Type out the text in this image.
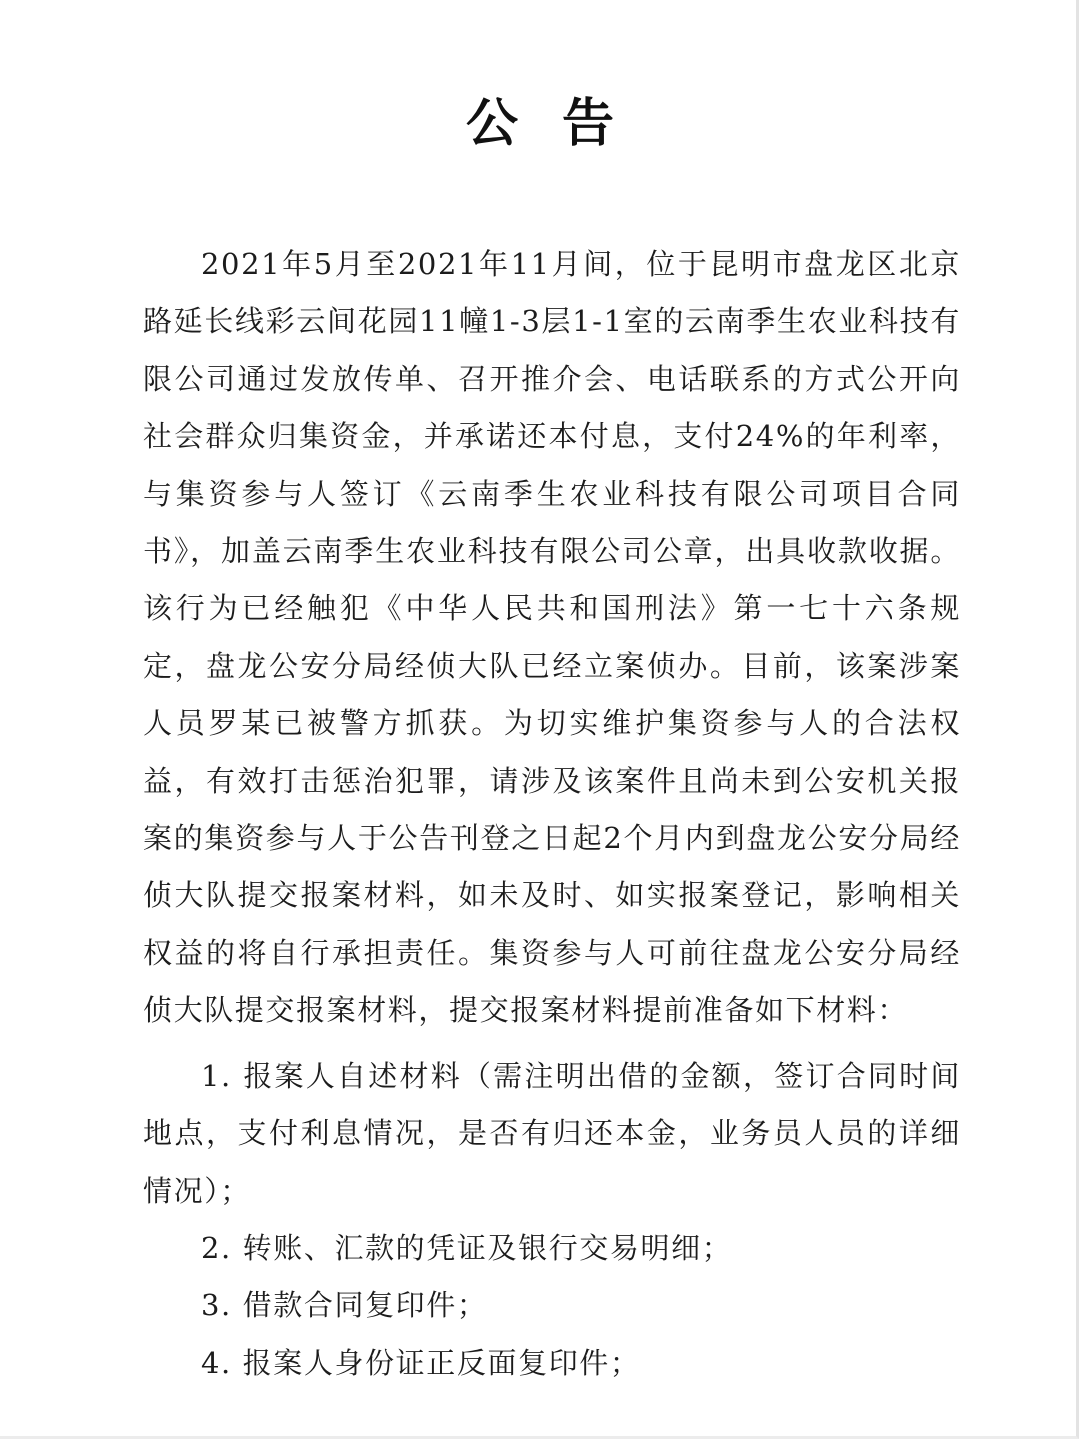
公告

2021年5月至2021年11月间，位于昆明市盘龙区北京路延长线彩云间花园11幢1-3层1-1室的云南季生农业科技有限公司通过发放传单、召开推介会、电话联系的方式公开向社会群众归集资金，并承诺还本付息，支付24%的年利率，与集资参与人签订《云南季生农业科技有限公司项目合同书》，加盖云南季生农业科技有限公司公章，出具收款收据。该行为已经触犯《中华人民共和国刑法》第一七十六条规定，盘龙公安分局经侦大队已经立案侦办。目前，该案涉案人员罗某已被警方抓获。为切实维护集资参与人的合法权益，有效打击惩治犯罪，请涉及该案件且尚未到公安机关报案的集资参与人于公告刊登之日起2个月内到盘龙公安分局经侦大队提交报案材料，如未及时、如实报案登记，影响相关权益的将自行承担责任。集资参与人可前往盘龙公安分局经侦大队提交报案材料，提交报案材料提前准备如下材料：

1. 报案人自述材料（需注明出借的金额，签订合同时间地点，支付利息情况，是否有归还本金，业务员人员的详细情况）；
2. 转账、汇款的凭证及银行交易明细；
3. 借款合同复印件；
4. 报案人身份证正反面复印件；
